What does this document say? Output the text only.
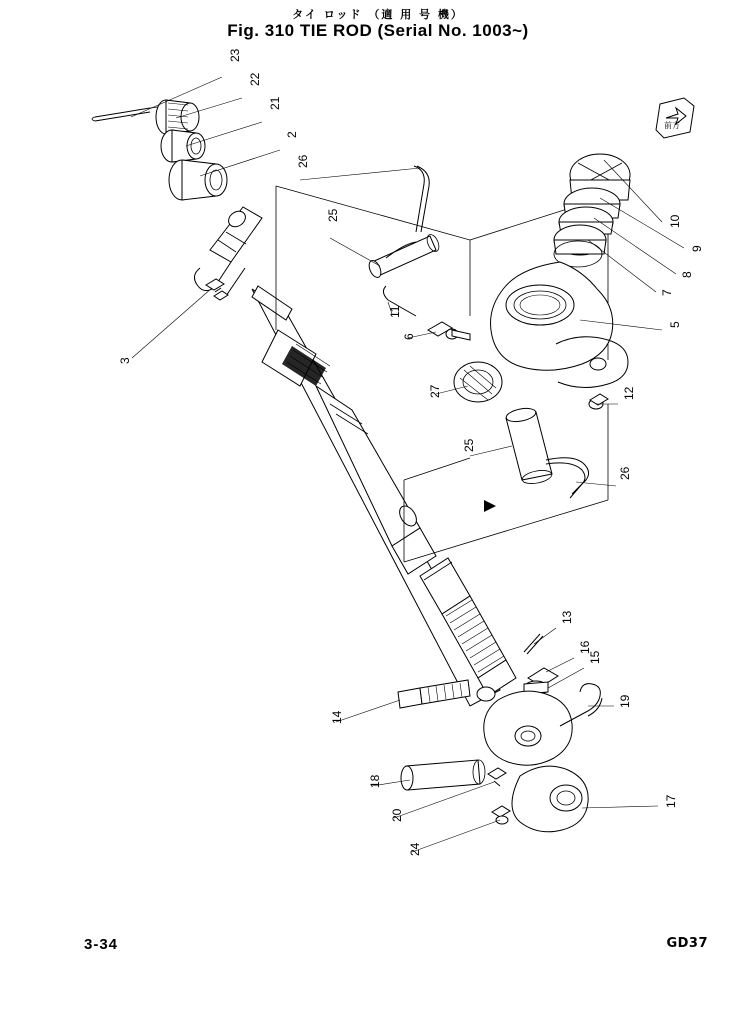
タイ ロッド （適 用 号 機）
Fig. 310 TIE ROD (Serial No. 1003~)
前方
23
22
21
2
26
25
3
11
6
27
25
26
12
10
9
8
7
5
13
16
15
19
14
18
20
24
17
3-34	GD37
